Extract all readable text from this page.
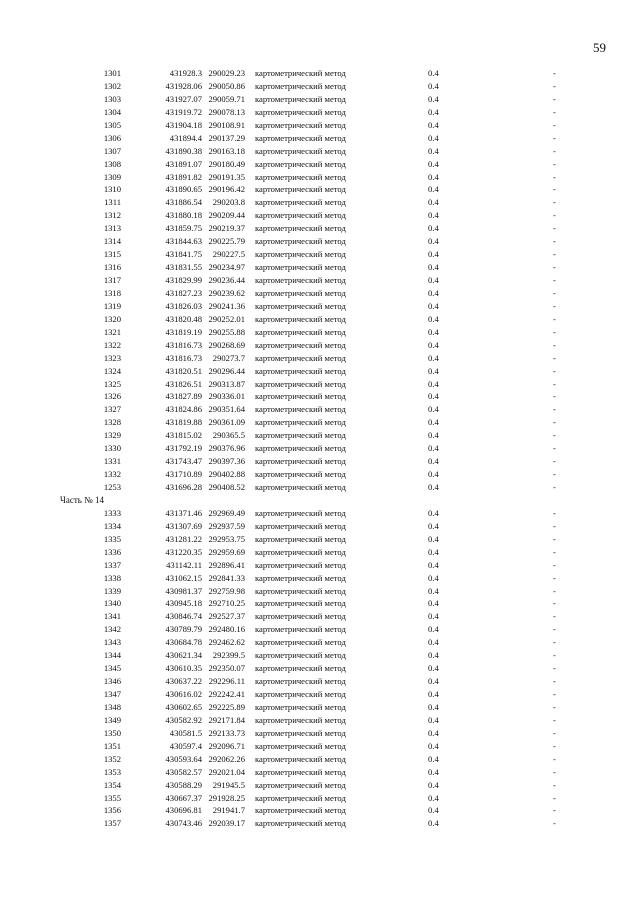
59
1301	431928.3 290029.23 картометрический метод	0.4	-
1302	431928.06 290050.86 картометрический метод	0.4	-
1303	431927.07 290059.71 картометрический метод	0.4	-
1304	431919.72 290078.13 картометрический метод	0.4	-
1305	431904.18 290108.91 картометрический метод	0.4	-
1306	431894.4 290137.29 картометрический метод	0.4	-
1307	431890.38 290163.18 картометрический метод	0.4	-
1308	431891.07 290180.49 картометрический метод	0.4	-
1309	431891.82 290191.35 картометрический метод	0.4	-
1310	431890.65 290196.42 картометрический метод	0.4	-
1311	431886.54	290203.8 картометрический метод	0.4	-
1312	431880.18 290209.44 картометрический метод	0.4	-
1313	431859.75 290219.37 картометрический метод	0.4	-
1314	431844.63 290225.79 картометрический метод	0.4	-
1315	431841.75	290227.5 картометрический метод	0.4	-
1316	431831.55 290234.97 картометрический метод	0.4	-
1317	431829.99 290236.44 картометрический метод	0.4	-
1318	431827.23 290239.62 картометрический метод	0.4	-
1319	431826.03 290241.36 картометрический метод	0.4	-
1320	431820.48 290252.01 картометрический метод	0.4	-
1321	431819.19 290255.88 картометрический метод	0.4	-
1322	431816.73 290268.69 картометрический метод	0.4	-
1323	431816.73	290273.7 картометрический метод	0.4	-
1324	431820.51 290296.44 картометрический метод	0.4	-
1325	431826.51 290313.87 картометрический метод	0.4	-
1326	431827.89 290336.01 картометрический метод	0.4	-
1327	431824.86 290351.64 картометрический метод	0.4	-
1328	431819.88 290361.09 картометрический метод	0.4	-
1329	431815.02	290365.5 картометрический метод	0.4	-
1330	431792.19 290376.96 картометрический метод	0.4	-
1331	431743.47 290397.36 картометрический метод	0.4	-
1332	431710.89 290402.88 картометрический метод	0.4	-
1253	431696.28 290408.52 картометрический метод	0.4	-
Часть № 14
1333	431371.46 292969.49 картометрический метод	0.4	-
1334	431307.69 292937.59 картометрический метод	0.4	-
1335	431281.22 292953.75 картометрический метод	0.4	-
1336	431220.35 292959.69 картометрический метод	0.4	-
1337	431142.11 292896.41 картометрический метод	0.4	-
1338	431062.15 292841.33 картометрический метод	0.4	-
1339	430981.37 292759.98 картометрический метод	0.4	-
1340	430945.18 292710.25 картометрический метод	0.4	-
1341	430846.74 292527.37 картометрический метод	0.4	-
1342	430789.79 292480.16 картометрический метод	0.4	-
1343	430684.78 292462.62 картометрический метод	0.4	-
1344	430621.34	292399.5 картометрический метод	0.4	-
1345	430610.35 292350.07 картометрический метод	0.4	-
1346	430637.22 292296.11 картометрический метод	0.4	-
1347	430616.02 292242.41 картометрический метод	0.4	-
1348	430602.65 292225.89 картометрический метод	0.4	-
1349	430582.92 292171.84 картометрический метод	0.4	-
1350	430581.5 292133.73 картометрический метод	0.4	-
1351	430597.4 292096.71 картометрический метод	0.4	-
1352	430593.64 292062.26 картометрический метод	0.4	-
1353	430582.57 292021.04 картометрический метод	0.4	-
1354	430588.29	291945.5 картометрический метод	0.4	-
1355	430667.37 291928.25 картометрический метод	0.4	-
1356	430696.81	291941.7 картометрический метод	0.4	-
1357	430743.46 292039.17 картометрический метод	0.4	-
